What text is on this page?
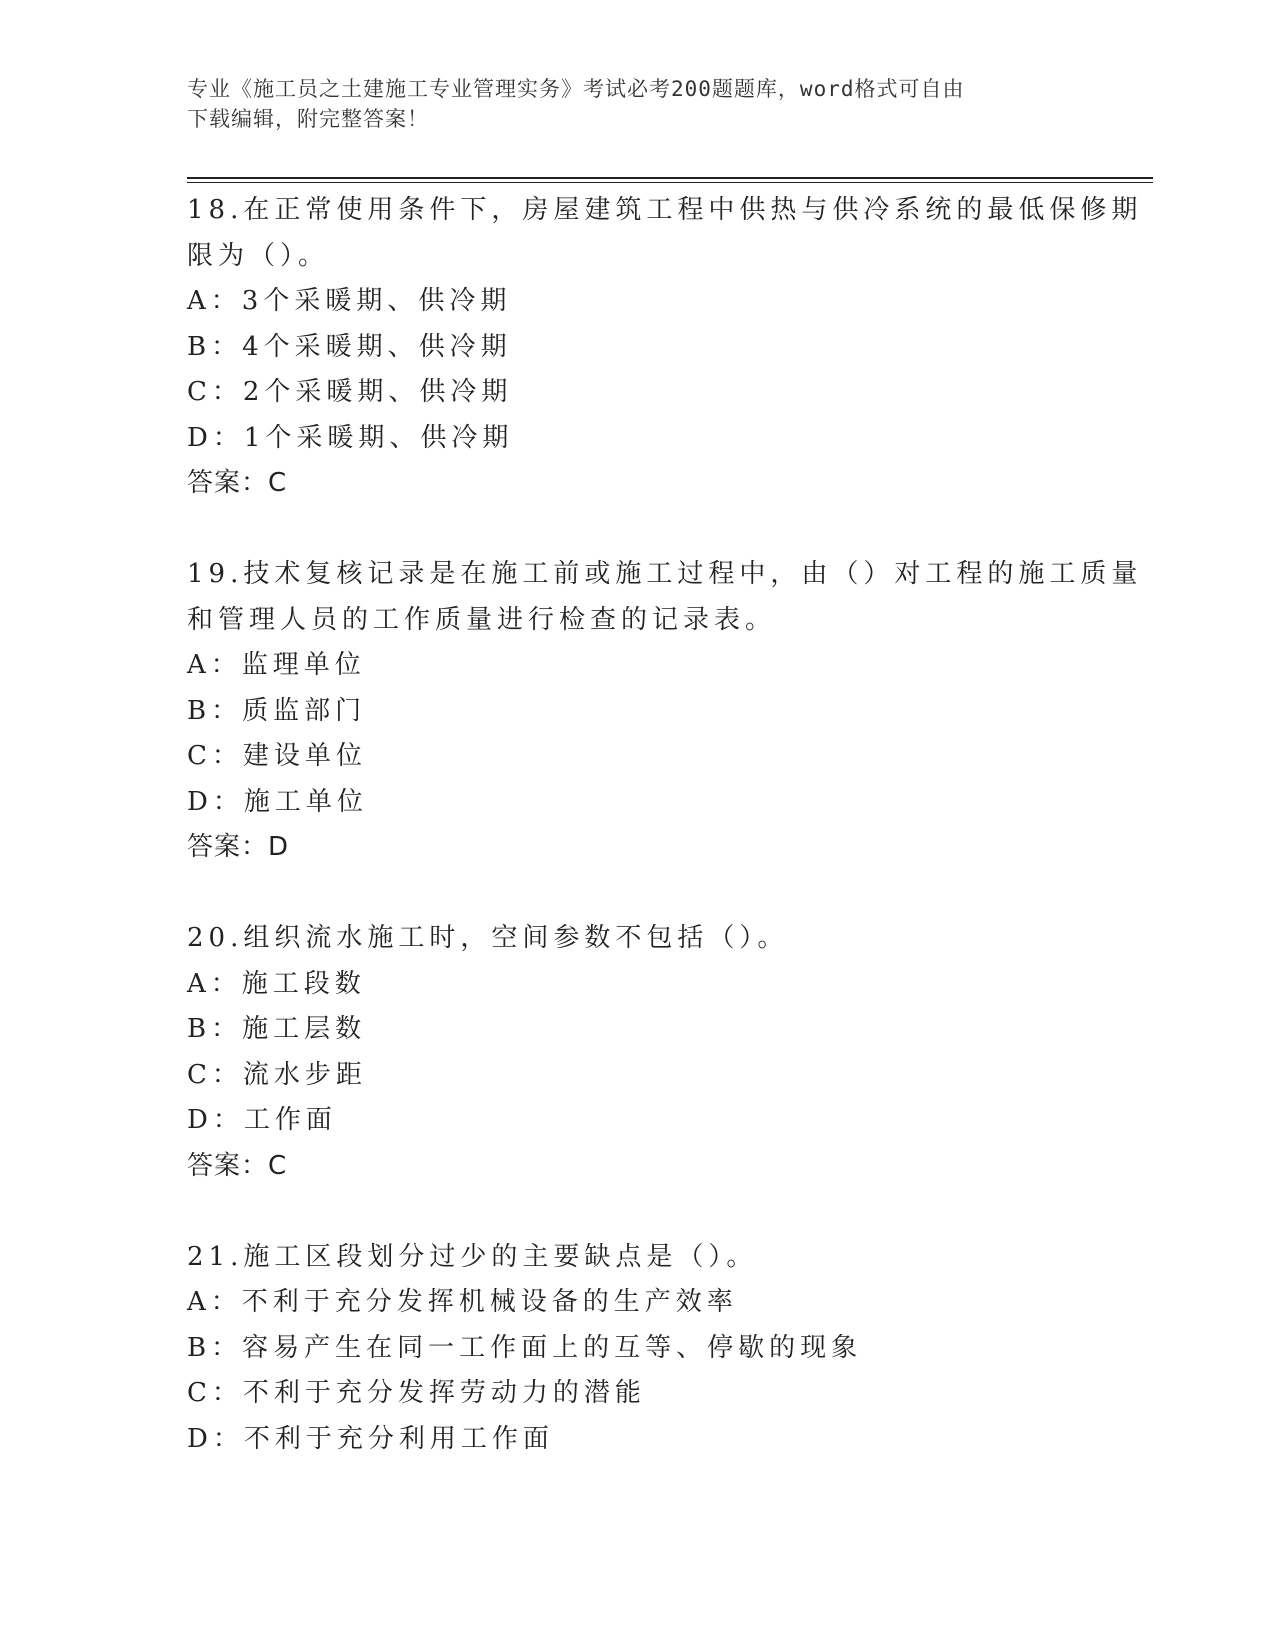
专业《施工员之土建施工专业管理实务》考试必考200题题库，word格式可自由
下载编辑，附完整答案！

18.在正常使用条件下，房屋建筑工程中供热与供冷系统的最低保修期

限为（）。

A：3个采暖期、供冷期

B：4个采暖期、供冷期

C：2个采暖期、供冷期

D：1个采暖期、供冷期

答案：C

19.技术复核记录是在施工前或施工过程中，由（）对工程的施工质量

和管理人员的工作质量进行检查的记录表。

A：监理单位

B：质监部门

C：建设单位

D：施工单位

答案：D

20.组织流水施工时，空间参数不包括（）。

A：施工段数

B：施工层数

C：流水步距

D：工作面

答案：C

21.施工区段划分过少的主要缺点是（）。

A：不利于充分发挥机械设备的生产效率

B：容易产生在同一工作面上的互等、停歇的现象

C：不利于充分发挥劳动力的潜能

D：不利于充分利用工作面
